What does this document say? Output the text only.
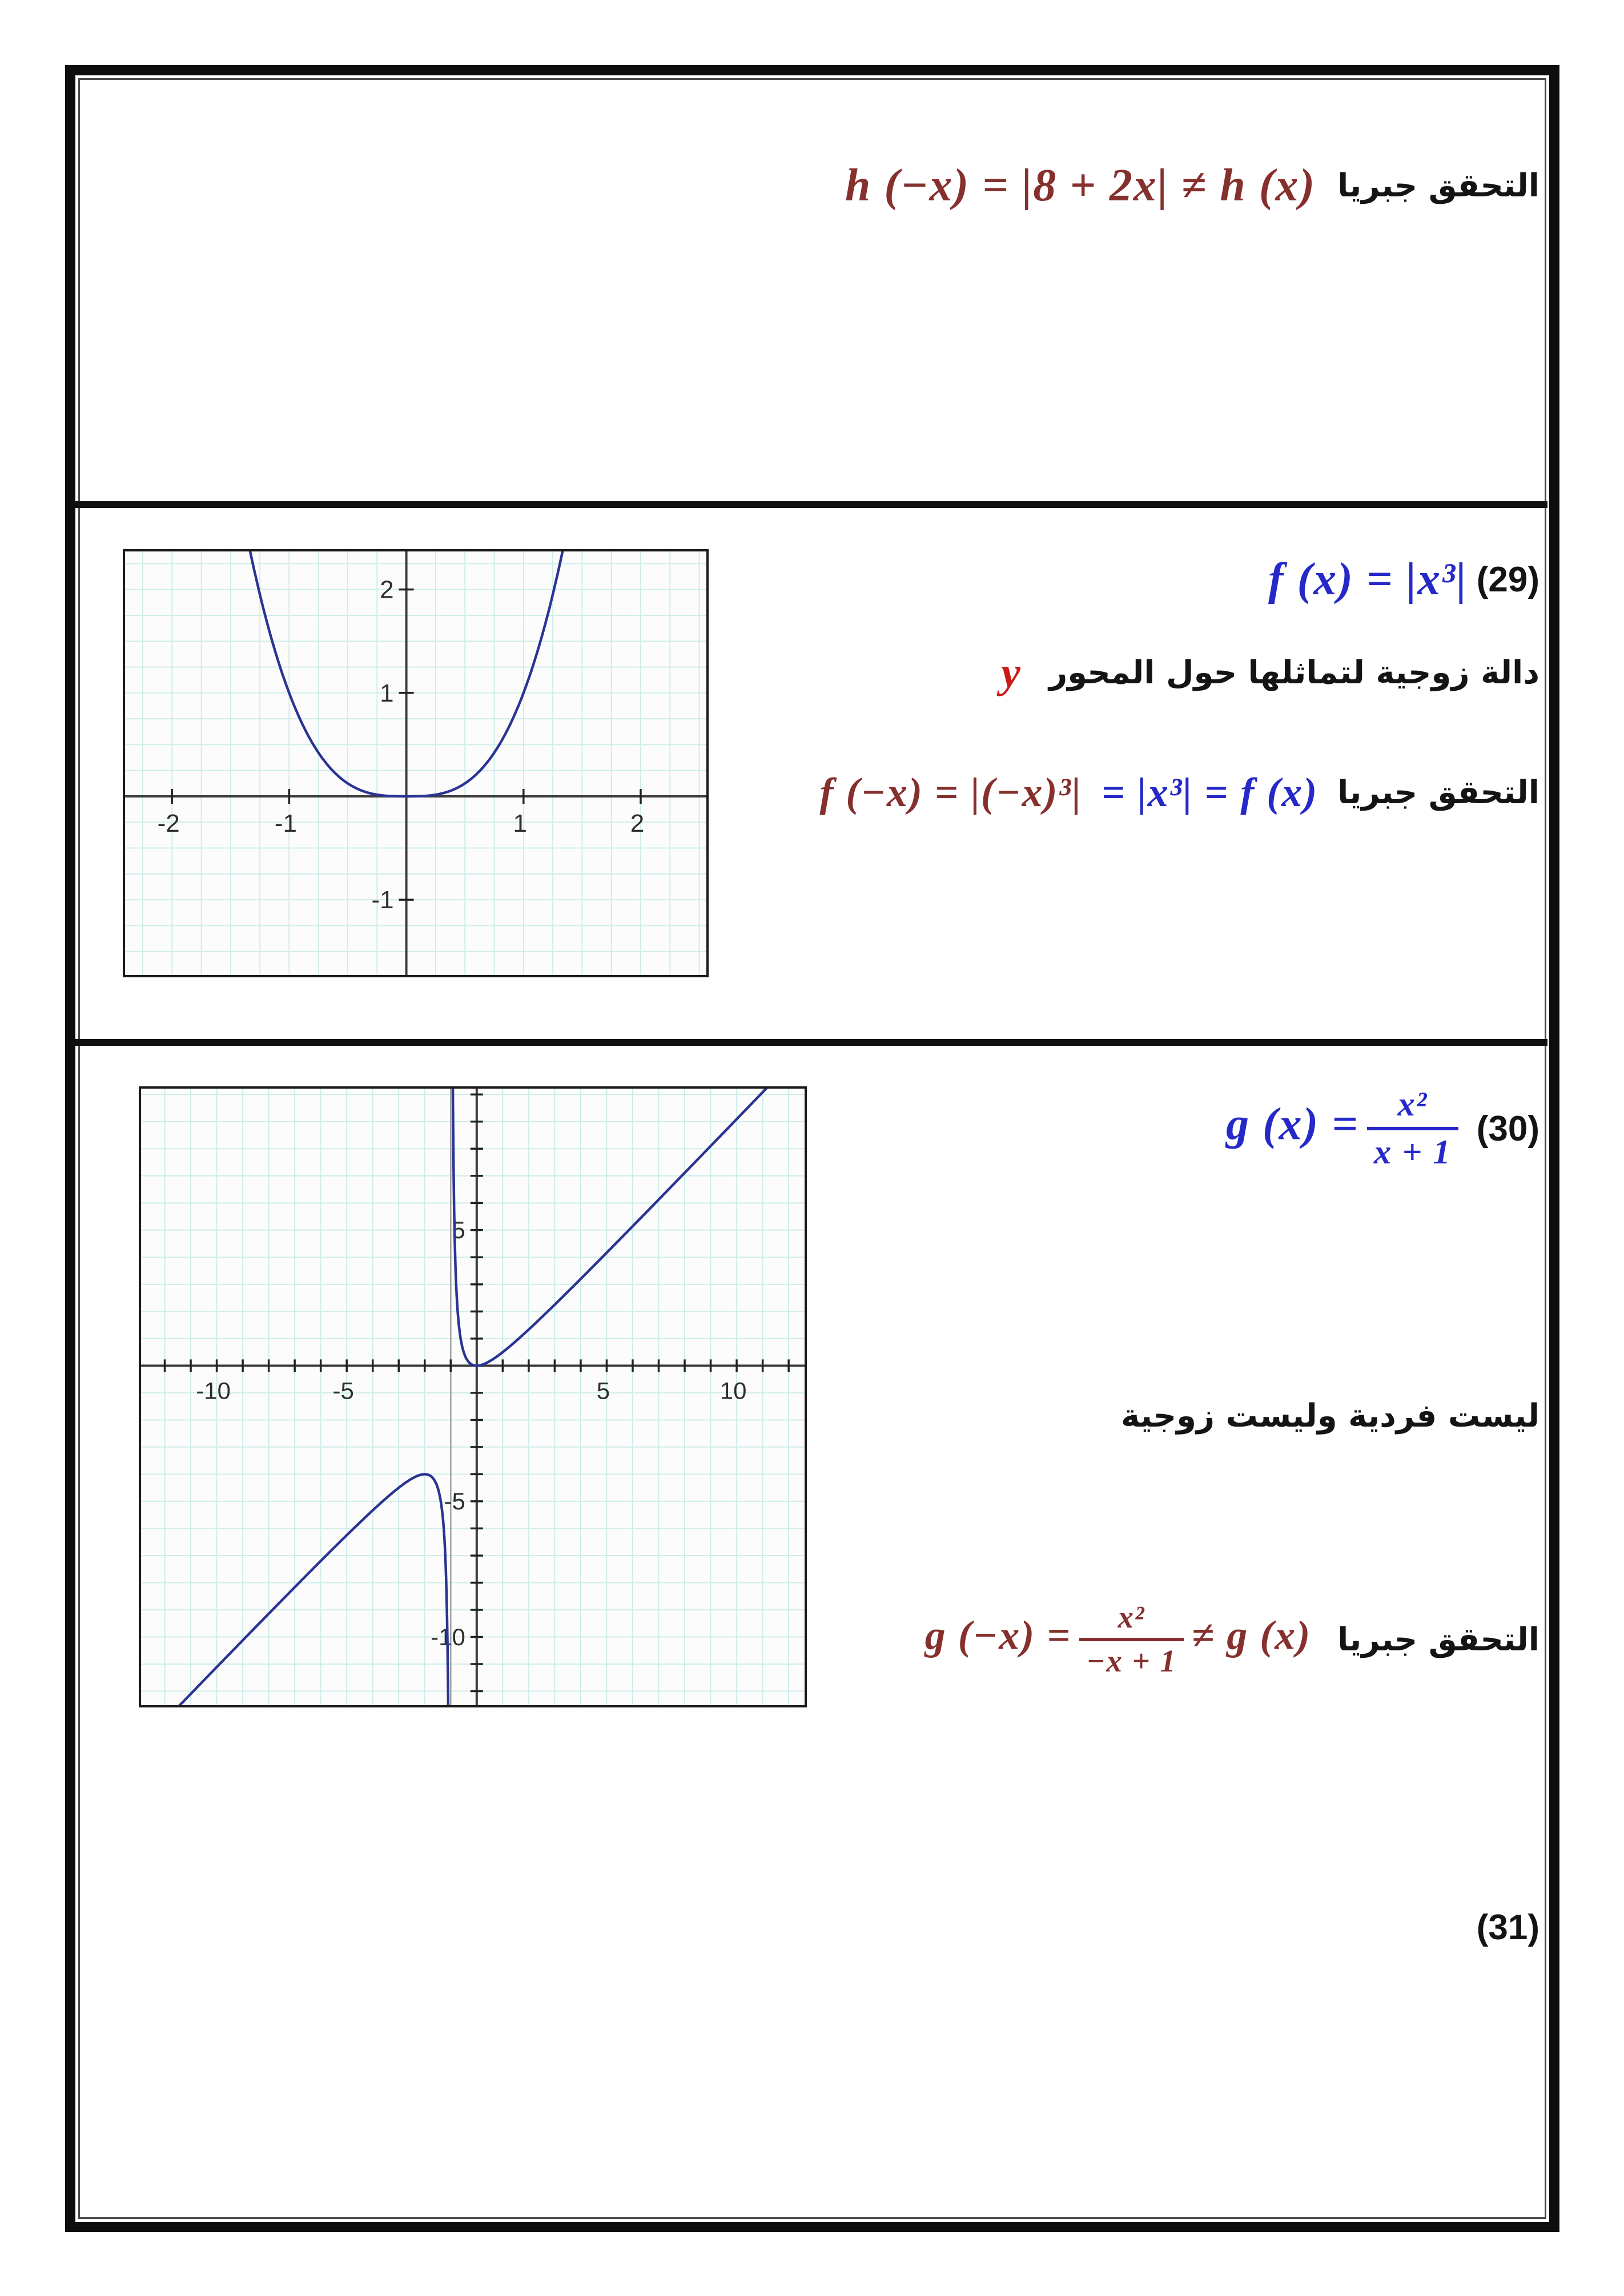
h (−x) = |8 + 2x| ≠ h (x) التحقق جبريا
f (x) = |x³| (29)
-2	-1	1	2
2
1
-1
دالة زوجية لتماثلها حول المحور
y
f (−x) = |(−x)³| = |x³| = f (x) التحقق جبريا
g (x) = x²
x + 1
(30)
-10	-5	5	10
5
-5
-10
ليست فردية وليست زوجية
g (−x) = x²
−x + 1
≠ g (x) التحقق جبريا
(31)
